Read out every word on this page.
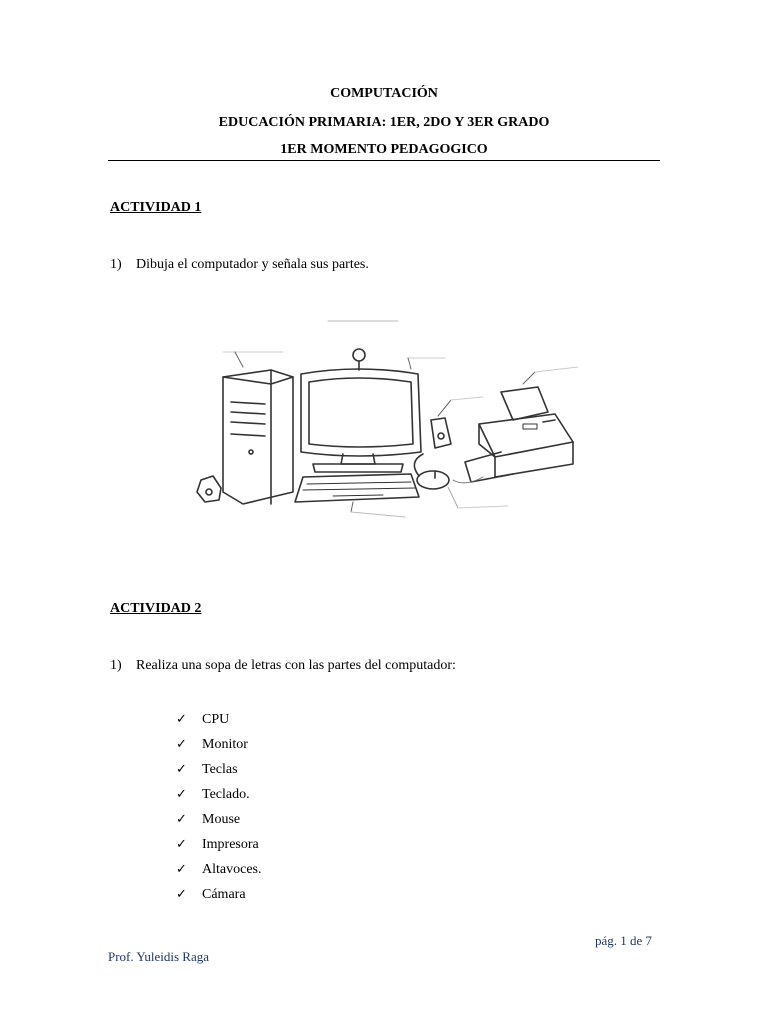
COMPUTACIÓN
EDUCACIÓN PRIMARIA: 1ER, 2DO Y 3ER GRADO
1ER MOMENTO PEDAGOGICO
ACTIVIDAD 1
1) Dibuja el computador y señala sus partes.
ACTIVIDAD 2
1) Realiza una sopa de letras con las partes del computador:
✓	CPU
✓	Monitor
✓	Teclas
✓	Teclado.
✓	Mouse
✓	Impresora
✓	Altavoces.
✓	Cámara
pág. 1 de 7
Prof. Yuleidis Raga
